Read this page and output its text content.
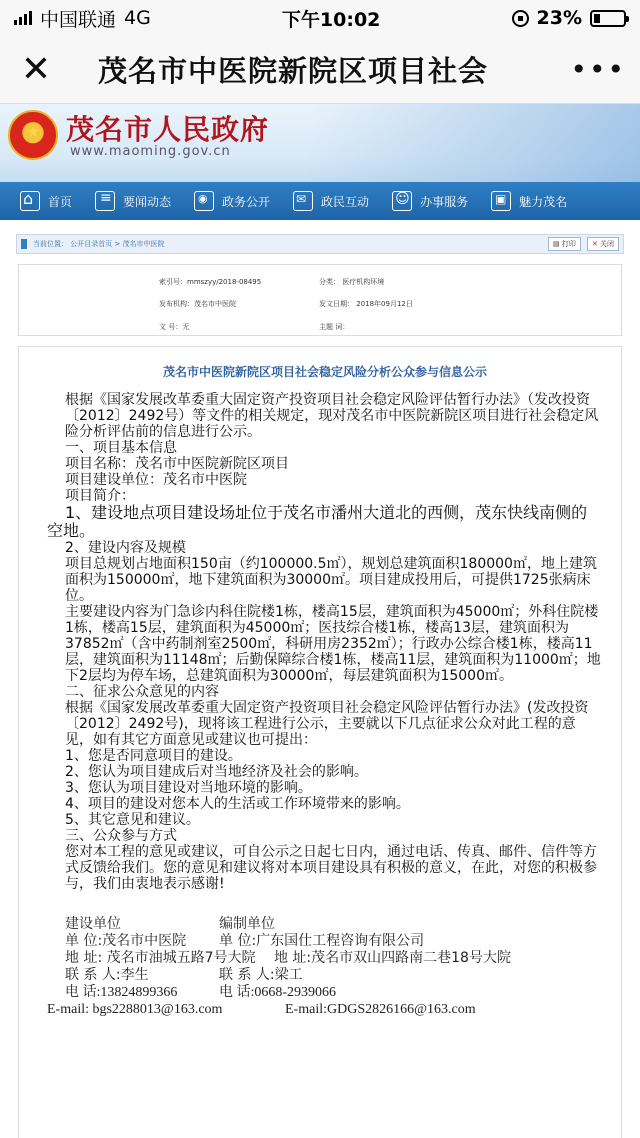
中国联通 4G	下午10:02	23%
✕	茂名市中医院新院区项目社会	•••
★
茂名市人民政府
www.maoming.gov.cn
⌂
首页 ≡	要闻动态 ◉	政务公开 ✉	政民互动 ☺	办事服务 ▣	魅力茂名
当前位置： 公开目录首页 > 茂名市中医院	▤ 打印	✕ 关闭
索引号：mmszyy/2018-08495	分类： 医疗机构环境
发布机构：茂名市中医院	发文日期： 2018年09月12日
文 号：无	主题 词：
茂名市中医院新院区项目社会稳定风险分析公众参与信息公示

根据《国家发展改革委重大固定资产投资项目社会稳定风险评估暂行办法》（发改投资〔2012〕2492号）等文件的相关规定，现对茂名市中医院新院区项目进行社会稳定风险分析评估前的信息进行公示。

一、项目基本信息

项目名称：茂名市中医院新院区项目

项目建设单位：茂名市中医院

项目简介：

1、建设地点项目建设场址位于茂名市潘州大道北的西侧，茂东快线南侧的空地。

2、建设内容及规模

项目总规划占地面积150亩（约100000.5㎡），规划总建筑面积180000㎡，地上建筑面积为150000㎡，地下建筑面积为30000㎡。项目建成投用后，可提供1725张病床位。

主要建设内容为门急诊内科住院楼1栋，楼高15层，建筑面积为45000㎡；外科住院楼1栋，楼高15层，建筑面积为45000㎡；医技综合楼1栋，楼高13层，建筑面积为37852㎡（含中药制剂室2500㎡，科研用房2352㎡）；行政办公综合楼1栋，楼高11层，建筑面积为11148㎡；后勤保障综合楼1栋，楼高11层，建筑面积为11000㎡；地下2层均为停车场，总建筑面积为30000㎡，每层建筑面积为15000㎡。

二、征求公众意见的内容

根据《国家发展改革委重大固定资产投资项目社会稳定风险评估暂行办法》(发改投资〔2012〕2492号)，现将该工程进行公示，主要就以下几点征求公众对此工程的意见，如有其它方面意见或建议也可提出：

1、您是否同意项目的建设。

2、您认为项目建成后对当地经济及社会的影响。

3、您认为项目建设对当地环境的影响。

4、项目的建设对您本人的生活或工作环境带来的影响。

5、其它意见和建议。

三、公众参与方式

您对本工程的意见或建议，可自公示之日起七日内，通过电话、传真、邮件、信件等方式反馈给我们。您的意见和建议将对本项目建设具有积极的意义，在此，对您的积极参与，我们由衷地表示感谢!

建设单位	编制单位
单 位:茂名市中医院	单 位:广东国仕工程咨询有限公司
地 址: 茂名市油城五路7号大院　 地 址:茂名市双山四路南二巷18号大院
联 系 人:李生	联 系 人:梁工
电 话:13824899366	电 话:0668-2939066
E-mail: bgs2288013@163.com	E-mail:GDGS2826166@163.com
